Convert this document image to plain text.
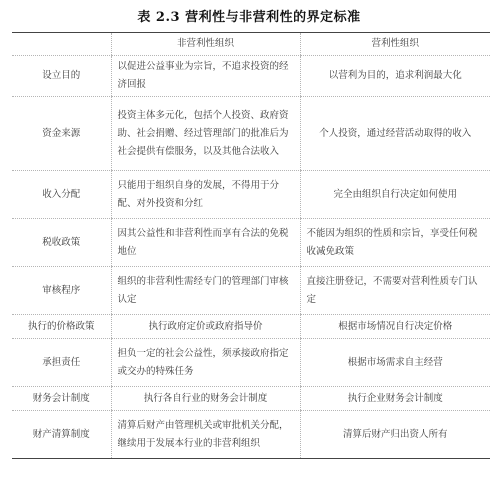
表 2.3 营利性与非营利性的界定标准
	非营利性组织	营利性组织
设立目的	以促进公益事业为宗旨，不追求投资的经济回报	以营利为目的，追求利润最大化
资金来源	投资主体多元化，包括个人投资、政府资助、社会捐赠、经过管理部门的批准后为社会提供有偿服务，以及其他合法收入	个人投资，通过经营活动取得的收入
收入分配	只能用于组织自身的发展，不得用于分配、对外投资和分红	完全由组织自行决定如何使用
税收政策	因其公益性和非营利性而享有合法的免税地位	不能因为组织的性质和宗旨，享受任何税收减免政策
审核程序	组织的非营利性需经专门的管理部门审核认定	直接注册登记，不需要对营利性质专门认定
执行的价格政策	执行政府定价或政府指导价	根据市场情况自行决定价格
承担责任	担负一定的社会公益性，须承接政府指定或交办的特殊任务	根据市场需求自主经营
财务会计制度	执行各自行业的财务会计制度	执行企业财务会计制度
财产清算制度	清算后财产由管理机关或审批机关分配，继续用于发展本行业的非营利组织	清算后财产归出资人所有
